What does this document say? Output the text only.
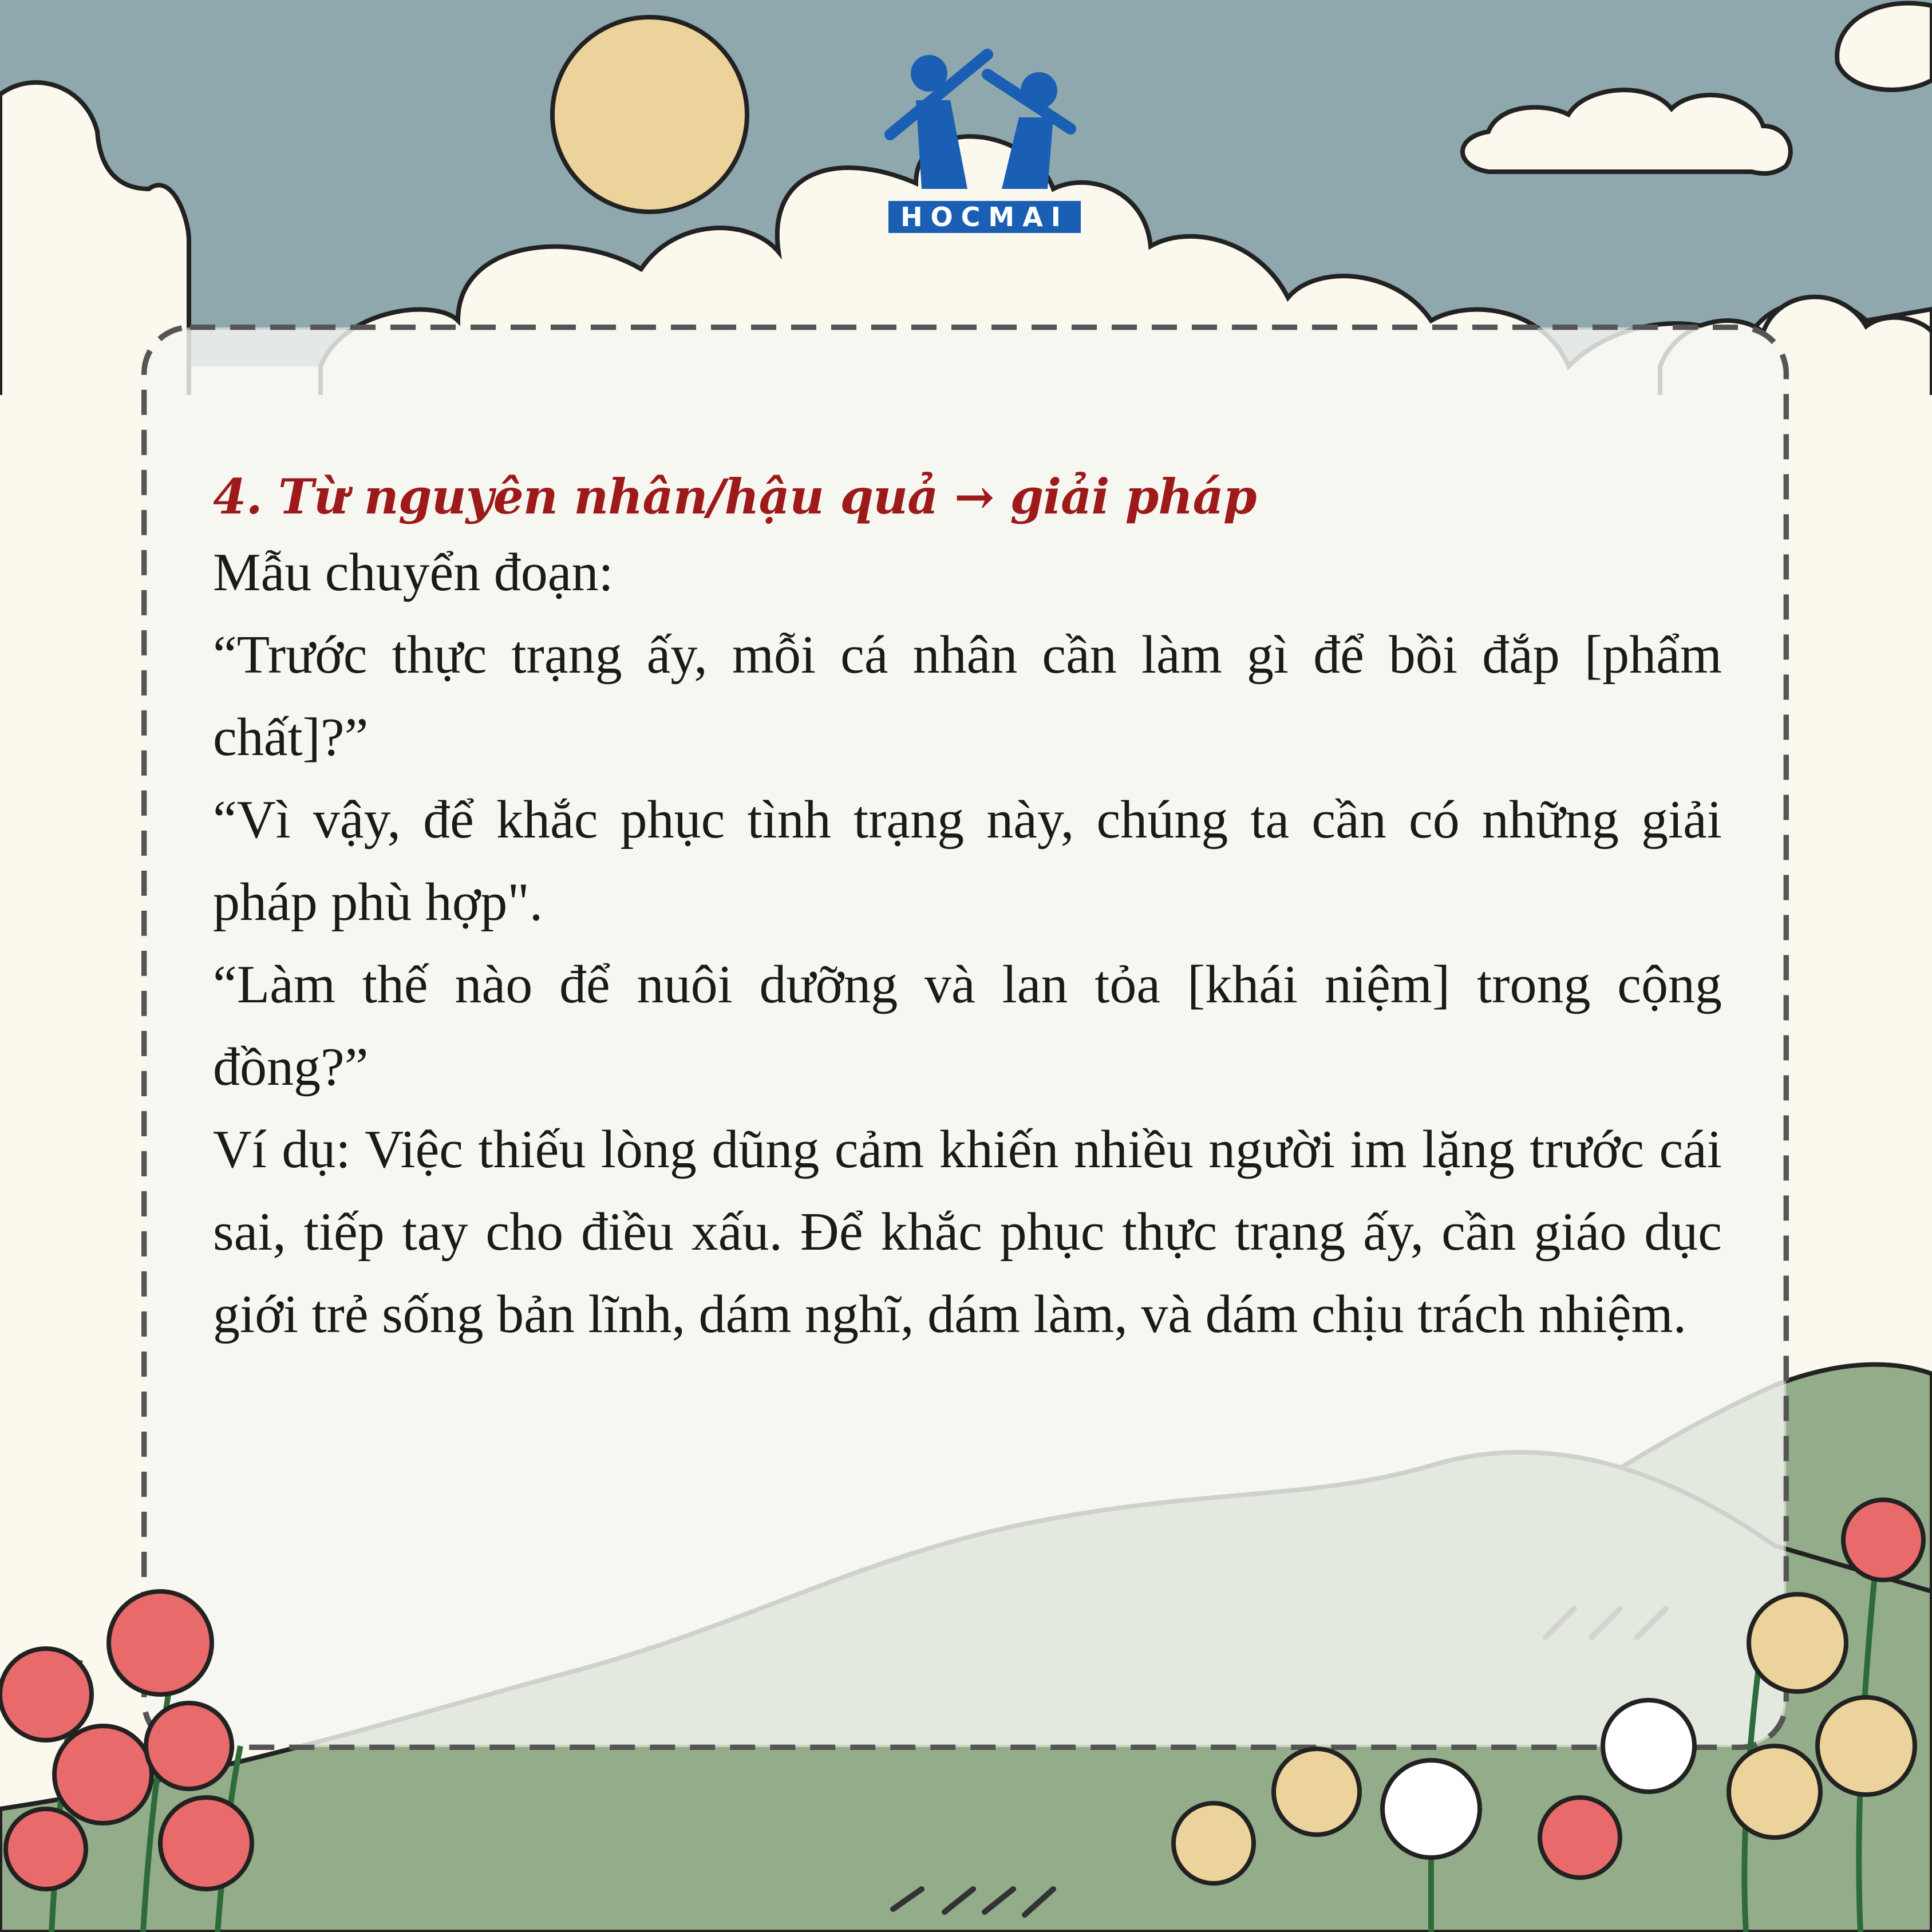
HOCMAI
4. Từ nguyên nhân/hậu quả → giải pháp

Mẫu chuyển đoạn:

“Trước thực trạng ấy, mỗi cá nhân cần làm gì để bồi đắp [phẩm chất]?”

“Vì vậy, để khắc phục tình trạng này, chúng ta cần có những giải pháp phù hợp".

“Làm thế nào để nuôi dưỡng và lan tỏa [khái niệm] trong cộng đồng?”

Ví dụ: Việc thiếu lòng dũng cảm khiến nhiều người im lặng trước cái sai, tiếp tay cho điều xấu. Để khắc phục thực trạng ấy, cần giáo dục giới trẻ sống bản lĩnh, dám nghĩ, dám làm, và dám chịu trách nhiệm.
